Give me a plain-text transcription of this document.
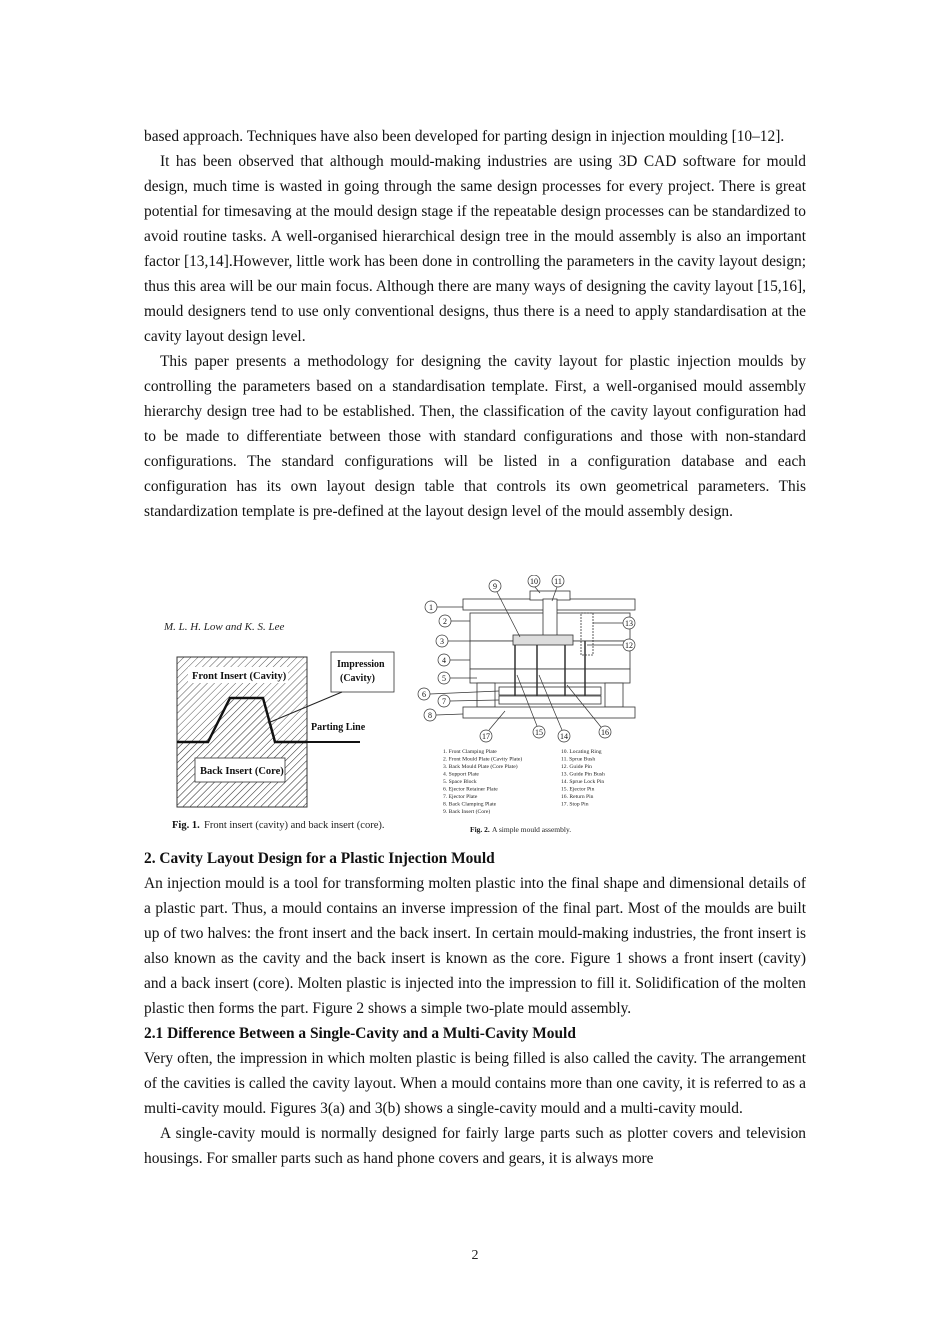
based approach. Techniques have also been developed for parting design in injection moulding [10–12].

It has been observed that although mould-making industries are using 3D CAD software for mould design, much time is wasted in going through the same design processes for every project. There is great potential for timesaving at the mould design stage if the repeatable design processes can be standardized to avoid routine tasks. A well-organised hierarchical design tree in the mould assembly is also an important factor [13,14].However, little work has been done in controlling the parameters in the cavity layout design; thus this area will be our main focus. Although there are many ways of designing the cavity layout [15,16], mould designers tend to use only conventional designs, thus there is a need to apply standardisation at the cavity layout design level.

This paper presents a methodology for designing the cavity layout for plastic injection moulds by controlling the parameters based on a standardisation template. First, a well-organised mould assembly hierarchy design tree had to be established. Then, the classification of the cavity layout configuration had to be made to differentiate between those with standard configurations and those with non-standard configurations. The standard configurations will be listed in a configuration database and each configuration has its own layout design table that controls its own geometrical parameters. This standardization template is pre-defined at the layout design level of the mould assembly design.

M. L. H. Low and K. S. Lee
Front Insert (Cavity)
Back Insert (Core)
Impression
(Cavity)
Parting Line
Fig. 1. Front insert (cavity) and back insert (core).
1
2
3
4
5
6
7
8
9
10 11
12
13
14
15	16
17
1. Front Clamping Plate
2. Front Mould Plate (Cavity Plate)
3. Back Mould Plate (Core Plate)
4. Support Plate
5. Space Block
6. Ejector Retainer Plate
7. Ejector Plate
8. Back Clamping Plate
9. Back Insert (Core)
10. Locating Ring
11. Sprue Bush
12. Guide Pin
13. Guide Pin Bush
14. Sprue Lock Pin
15. Ejector Pin
16. Return Pin
17. Stop Pin
Fig. 2. A simple mould assembly.
2. Cavity Layout Design for a Plastic Injection Mould

An injection mould is a tool for transforming molten plastic into the final shape and dimensional details of a plastic part. Thus, a mould contains an inverse impression of the final part. Most of the moulds are built up of two halves: the front insert and the back insert. In certain mould-making industries, the front insert is also known as the cavity and the back insert is known as the core. Figure 1 shows a front insert (cavity) and a back insert (core). Molten plastic is injected into the impression to fill it. Solidification of the molten plastic then forms the part. Figure 2 shows a simple two-plate mould assembly.

2.1 Difference Between a Single-Cavity and a Multi-Cavity Mould

Very often, the impression in which molten plastic is being filled is also called the cavity. The arrangement of the cavities is called the cavity layout. When a mould contains more than one cavity, it is referred to as a multi-cavity mould. Figures 3(a) and 3(b) shows a single-cavity mould and a multi-cavity mould.

A single-cavity mould is normally designed for fairly large parts such as plotter covers and television housings. For smaller parts such as hand phone covers and gears, it is always more

2
